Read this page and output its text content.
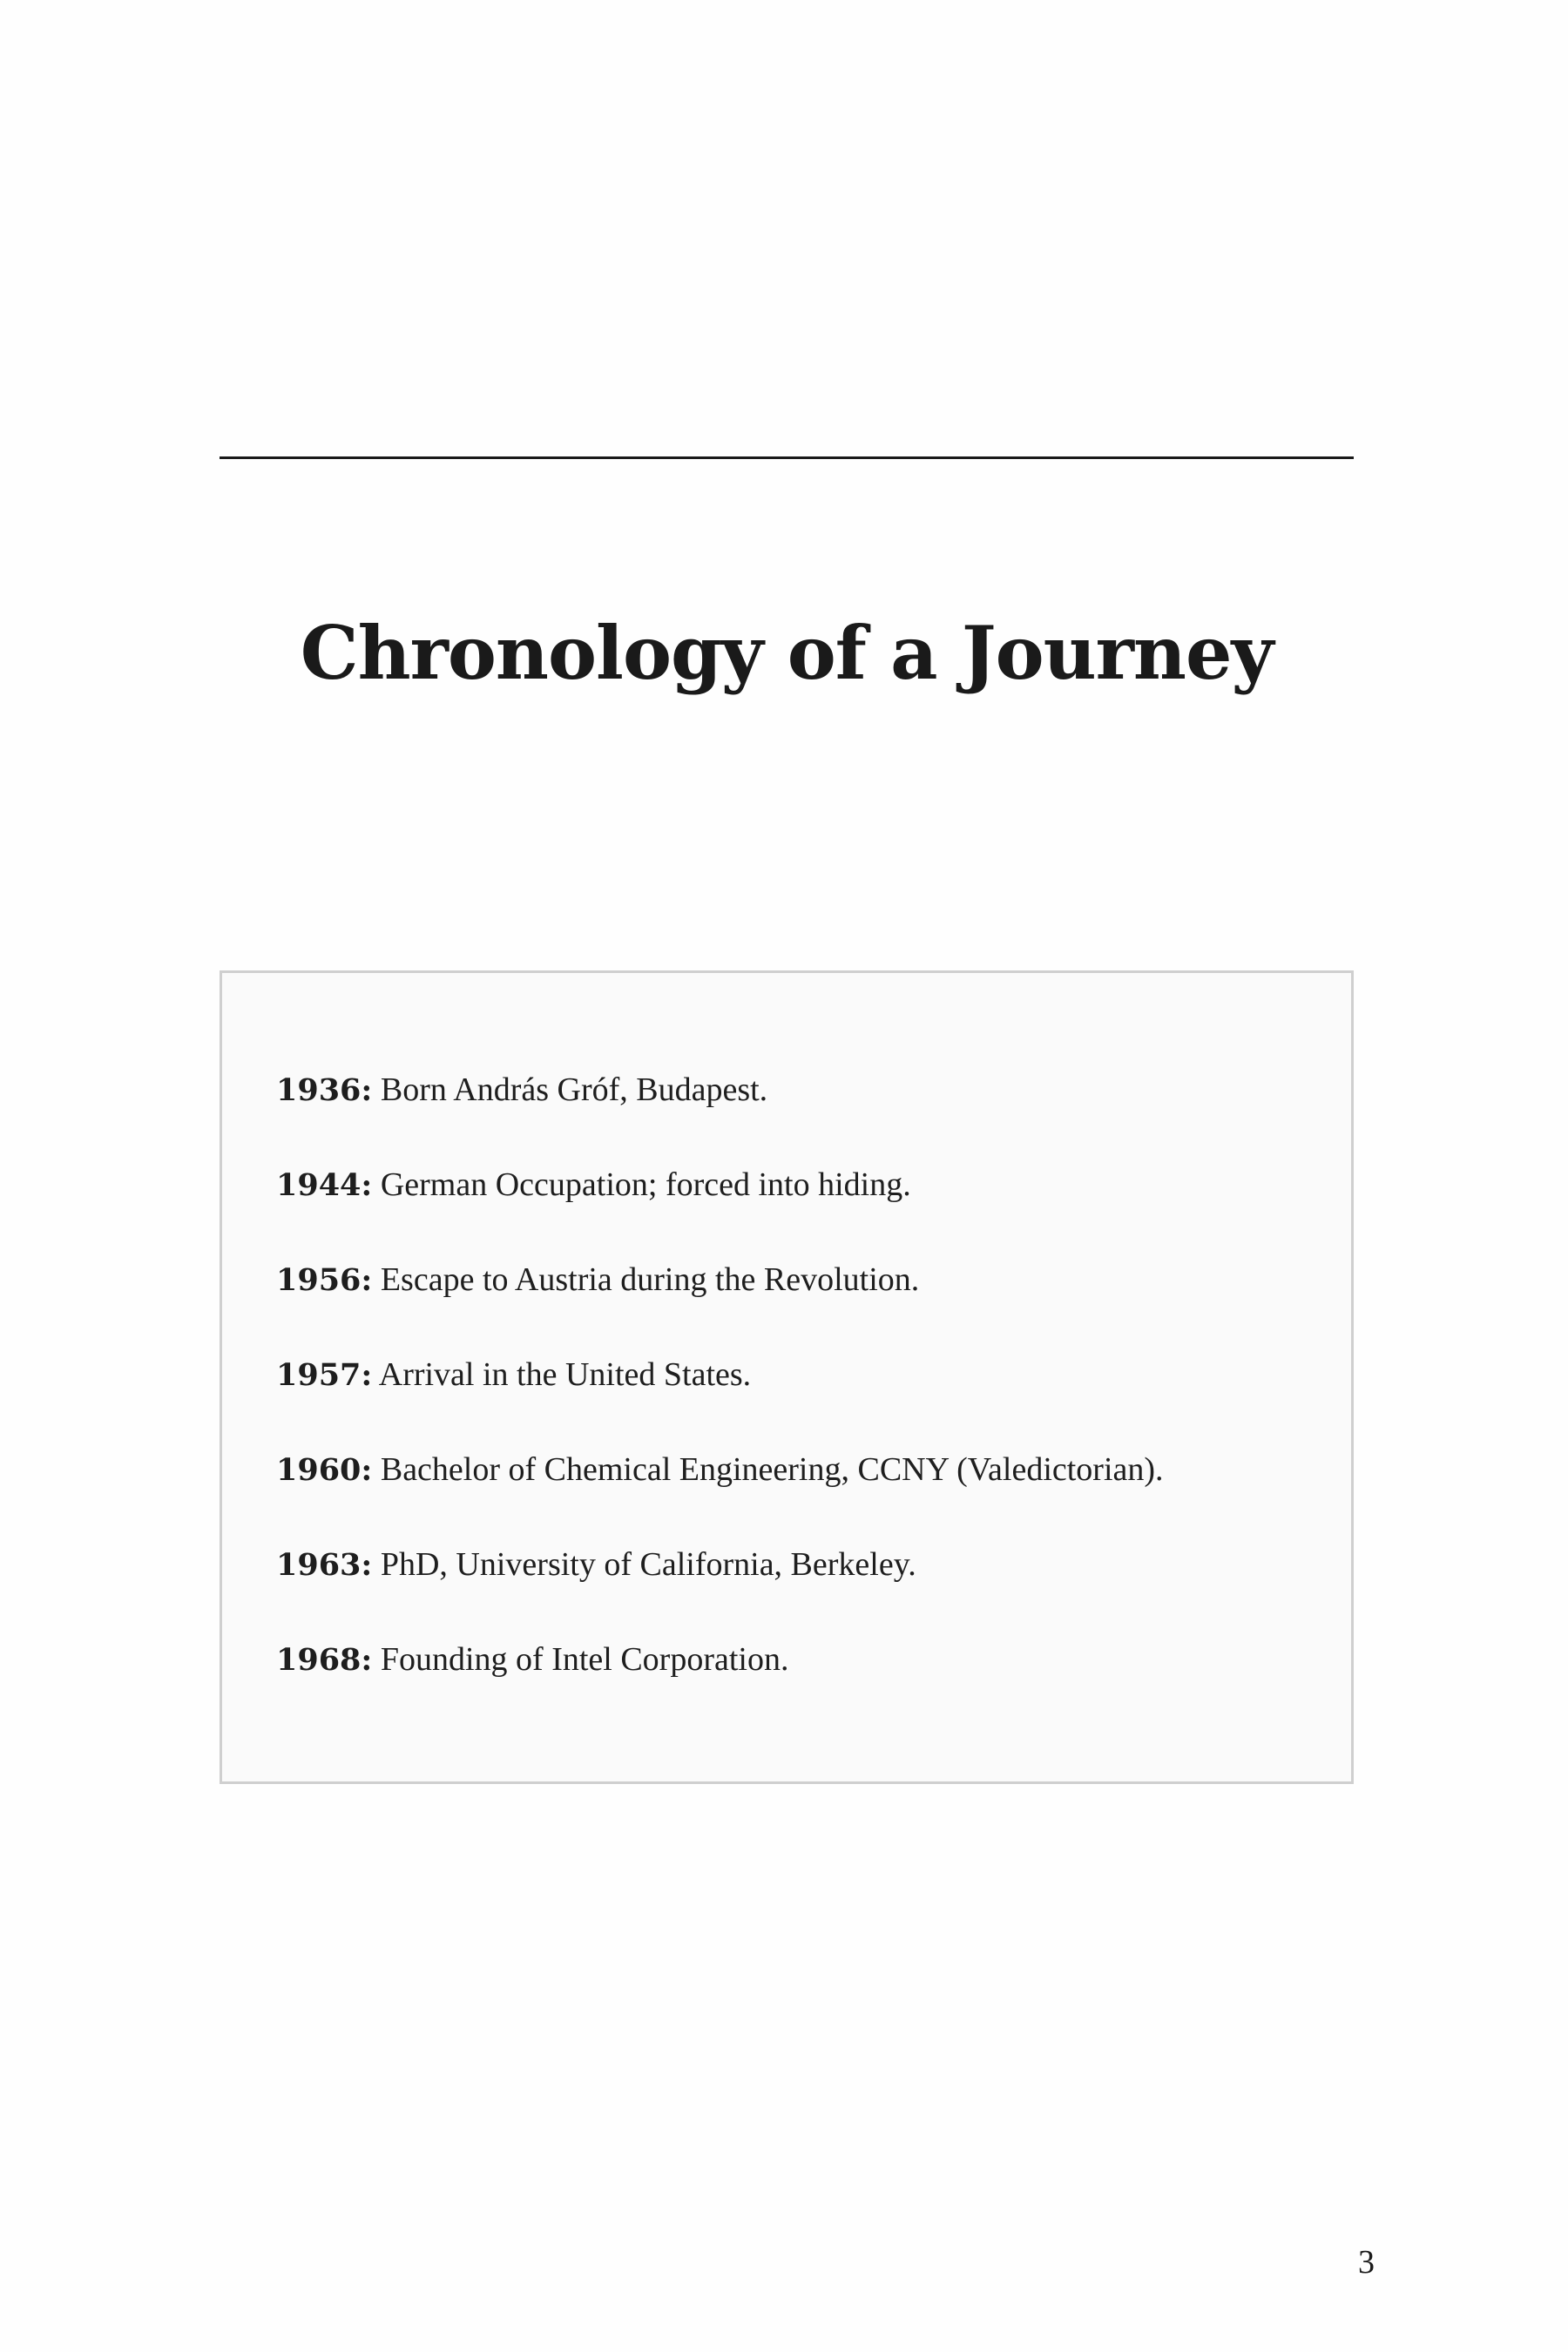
Chronology of a Journey
1936: Born András Gróf, Budapest.
1944: German Occupation; forced into hiding.
1956: Escape to Austria during the Revolution.
1957: Arrival in the United States.
1960: Bachelor of Chemical Engineering, CCNY (Valedictorian).
1963: PhD, University of California, Berkeley.
1968: Founding of Intel Corporation.
3
